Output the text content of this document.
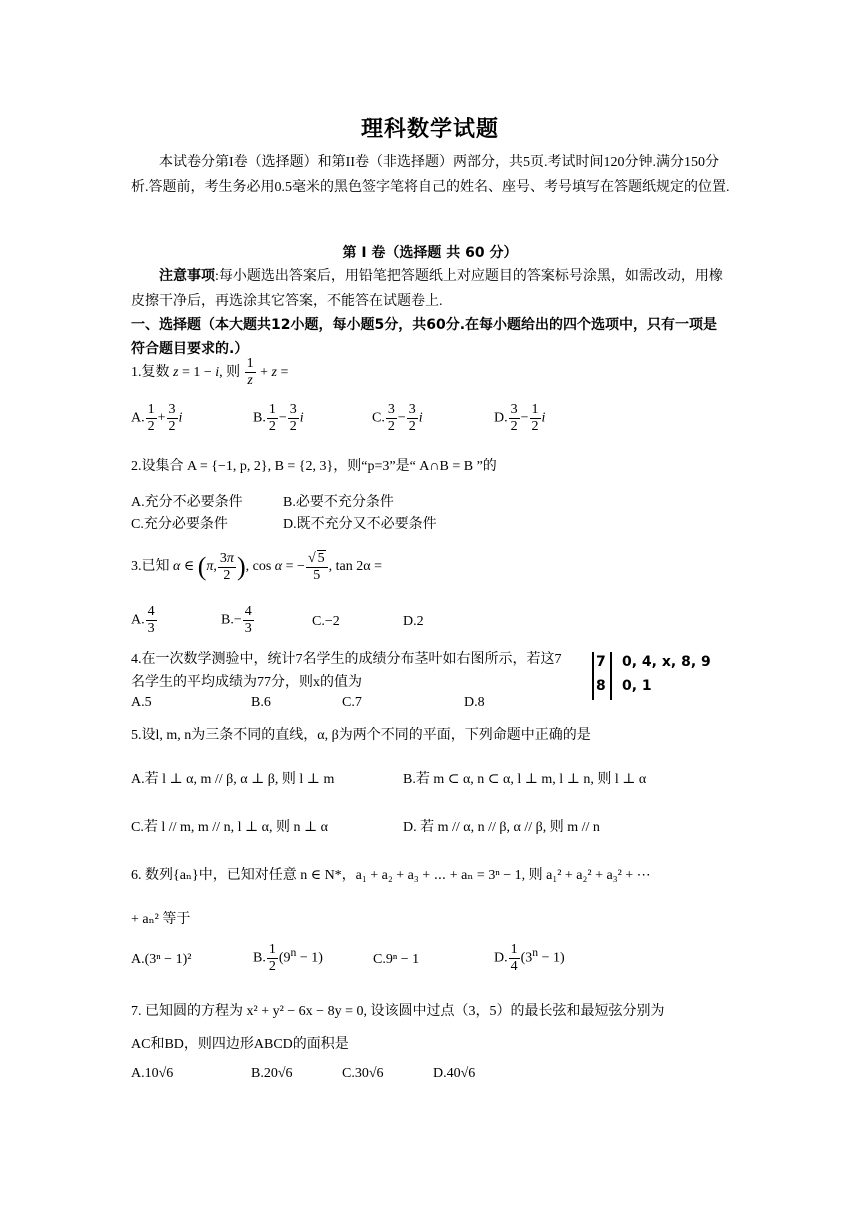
理科数学试题
本试卷分第I卷（选择题）和第II卷（非选择题）两部分，共5页.考试时间120分钟.满分150分析.答题前，考生务必用0.5毫米的黑色签字笔将自己的姓名、座号、考号填写在答题纸规定的位置.
第 I 卷（选择题 共 60 分）
注意事项:每小题选出答案后，用铅笔把答题纸上对应题目的答案标号涂黑，如需改动，用橡皮擦干净后，再选涂其它答案，不能答在试题卷上.
一、选择题（本大题共12小题，每小题5分，共60分.在每小题给出的四个选项中，只有一项是符合题目要求的.）
1.复数 z = 1 − i, 则 $\frac{1}{z} + z$ =
A. $\frac{1}{2} + \frac{3}{2}$ i	B. $\frac{1}{2} - \frac{3}{2}$ i	C. $\frac{3}{2} - \frac{3}{2}$ i	D. $\frac{3}{2} - \frac{1}{2}$ i
2.设集合 A = {−1, p, 2}, B = {2, 3}，则“p=3”是“ A∩B = B ”的
A.充分不必要条件	B.必要不充分条件
C.充分必要条件	D.既不充分又不必要条件
3.已知 α ∈ (π, $\frac{3\pi}{2}$ ), cos α = − $\frac{√ 5}{5}$ , tan 2α =
A. $\frac{4}{3}$	$B.- \frac{4}{3}$	C.−2	D.2
4.在一次数学测验中，统计7名学生的成绩分布茎叶如右图所示，若这7名学生的平均成绩为77分，则x的值为
A.5	B.6	C.7	D.8
7	0, 4, x, 8, 9
8	0, 1
5.设l, m, n为三条不同的直线，α, β为两个不同的平面，下列命题中正确的是
A.若 l ⊥ α, m // β, α ⊥ β, 则 l ⊥ m	B.若 m ⊂ α, n ⊂ α, l ⊥ m, l ⊥ n, 则 l ⊥ α
C.若 l // m, m // n, l ⊥ α, 则 n ⊥ α	D. 若 m // α, n // β, α // β, 则 m // n
6. 数列{aₙ}中，已知对任意 n ∈ N*，a₁ + a₂ + a₃ + ⋯ + aₙ = 3ⁿ − 1, 则 a₁² + a₂² + a₃² + ⋯
+ aₙ² 等于
A.(3ⁿ − 1)²	B. $\frac{1}{2} (9^n - 1)$	C.9ⁿ − 1	D. $\frac{1}{4} (3^n - 1)$
7. 已知圆的方程为 x² + y² − 6x − 8y = 0, 设该圆中过点（3，5）的最长弦和最短弦分别为
AC和BD，则四边形ABCD的面积是
A.10√6	B.20√6	C.30√6	D.40√6
